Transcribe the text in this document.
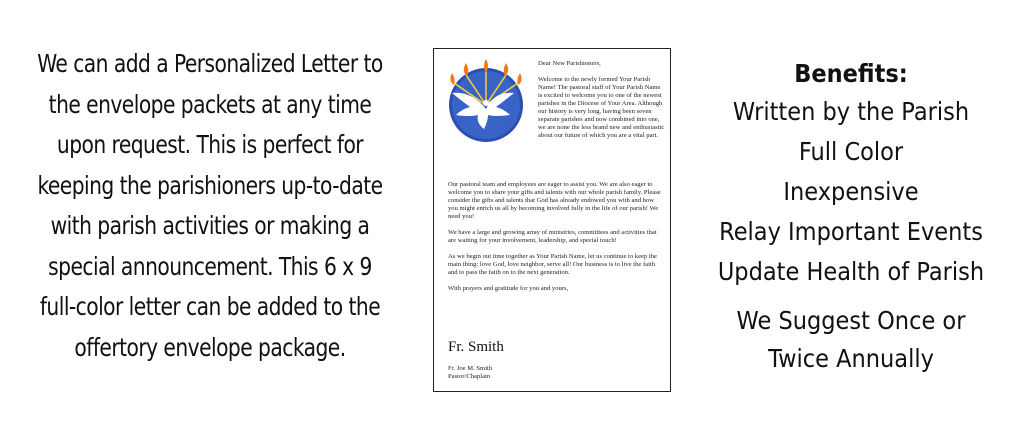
We can add a Personalized Letter to the envelope packets at any time upon request. This is perfect for keeping the parishioners up-to-date with parish activities or making a special announcement. This 6 x 9 full-color letter can be added to the offertory envelope package.
Dear New Parishioners,
Welcome to the newly formed Your Parish Name! The pastoral staff of Your Parish Name is excited to welcome you to one of the newest parishes in the Diocese of Your Area. Although our history is very long, having been seven separate parishes and now combined into one, we are none the less brand new and enthusiastic about our future of which you are a vital part.

Our pastoral team and employees are eager to assist you. We are also eager to welcome you to share your gifts and talents with our whole parish family. Please consider the gifts and talents that God has already endowed you with and how you might enrich us all by becoming involved fully in the life of our parish! We need you!

We have a large and growing array of ministries, committees and activities that are waiting for your involvement, leadership, and special touch!

As we begin out time together as Your Parish Name, let us continue to keep the main thing: love God, love neighbor, serve all! Our business is to live the faith and to pass the faith on to the next generation.

With prayers and gratitude for you and yours,

Fr. Smith
Fr. Joe M. Smith
Pastor/Chaplain
Benefits:
Written by the Parish
Full Color
Inexpensive
Relay Important Events
Update Health of Parish
We Suggest Once or Twice Annually
